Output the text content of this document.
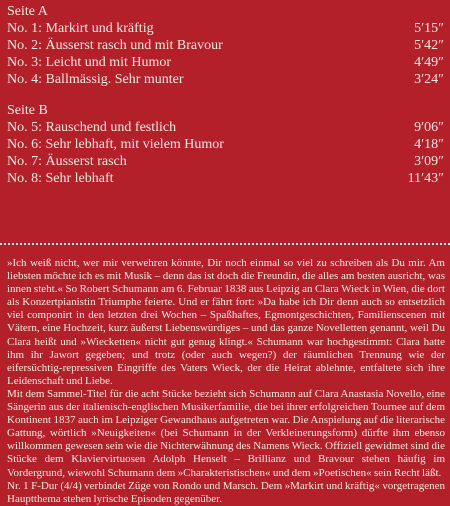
Seite A
No. 1: Markirt und kräftig	5′15″
No. 2: Äusserst rasch und mit Bravour	5′42″
No. 3: Leicht und mit Humor	4′49″
No. 4: Ballmässig. Sehr munter	3′24″
Seite B
No. 5: Rauschend und festlich	9′06″
No. 6: Sehr lebhaft, mit vielem Humor	4′18″
No. 7: Äusserst rasch	3′09″
No. 8: Sehr lebhaft	11′43″

»Ich weiß nicht, wer mir verwehren könnte, Dir noch einmal so viel zu schreiben als Du mir. Am liebsten möchte ich es mit Musik – denn das ist doch die Freundin, die alles am besten ausricht, was innen steht.« So Robert Schumann am 6. Februar 1838 aus Leipzig an Clara Wieck in Wien, die dort als Konzertpianistin Triumphe feierte. Und er fährt fort: »Da habe ich Dir denn auch so entsetzlich viel componirt in den letzten drei Wochen – Spaßhaftes, Egmontgeschichten, Familienscenen mit Vätern, eine Hochzeit, kurz äußerst Liebenswürdiges – und das ganze Novelletten genannt, weil Du Clara heißt und »Wiecketten« nicht gut genug klingt.« Schumann war hochgestimmt: Clara hatte ihm ihr Jawort gegeben; und trotz (oder auch wegen?) der räumlichen Trennung wie der eifersüchtig-repressiven Eingriffe des Vaters Wieck, der die Heirat ablehnte, entfaltete sich ihre Leidenschaft und Liebe.

Mit dem Sammel-Titel für die acht Stücke bezieht sich Schumann auf Clara Anastasia Novello, eine Sängerin aus der italienisch-englischen Musikerfamilie, die bei ihrer erfolgreichen Tournee auf dem Kontinent 1837 auch im Leipziger Gewandhaus aufgetreten war. Die Anspielung auf die literarische Gattung, wörtlich »Neuigkeiten« (bei Schumann in der Verkleinerungsform) dürfte ihm ebenso willkommen gewesen sein wie die Nichterwähnung des Namens Wieck. Offiziell gewidmet sind die Stücke dem Klaviervirtuosen Adolph Henselt – Brillianz und Bravour stehen häufig im Vordergrund, wiewohl Schumann dem »Charakteristischen« und dem »Poetischen« sein Recht läßt.

Nr. 1 F-Dur (4/4) verbindet Züge von Rondo und Marsch. Dem »Markirt und kräftig« vorgetragenen Hauptthema stehen lyrische Episoden gegenüber.
